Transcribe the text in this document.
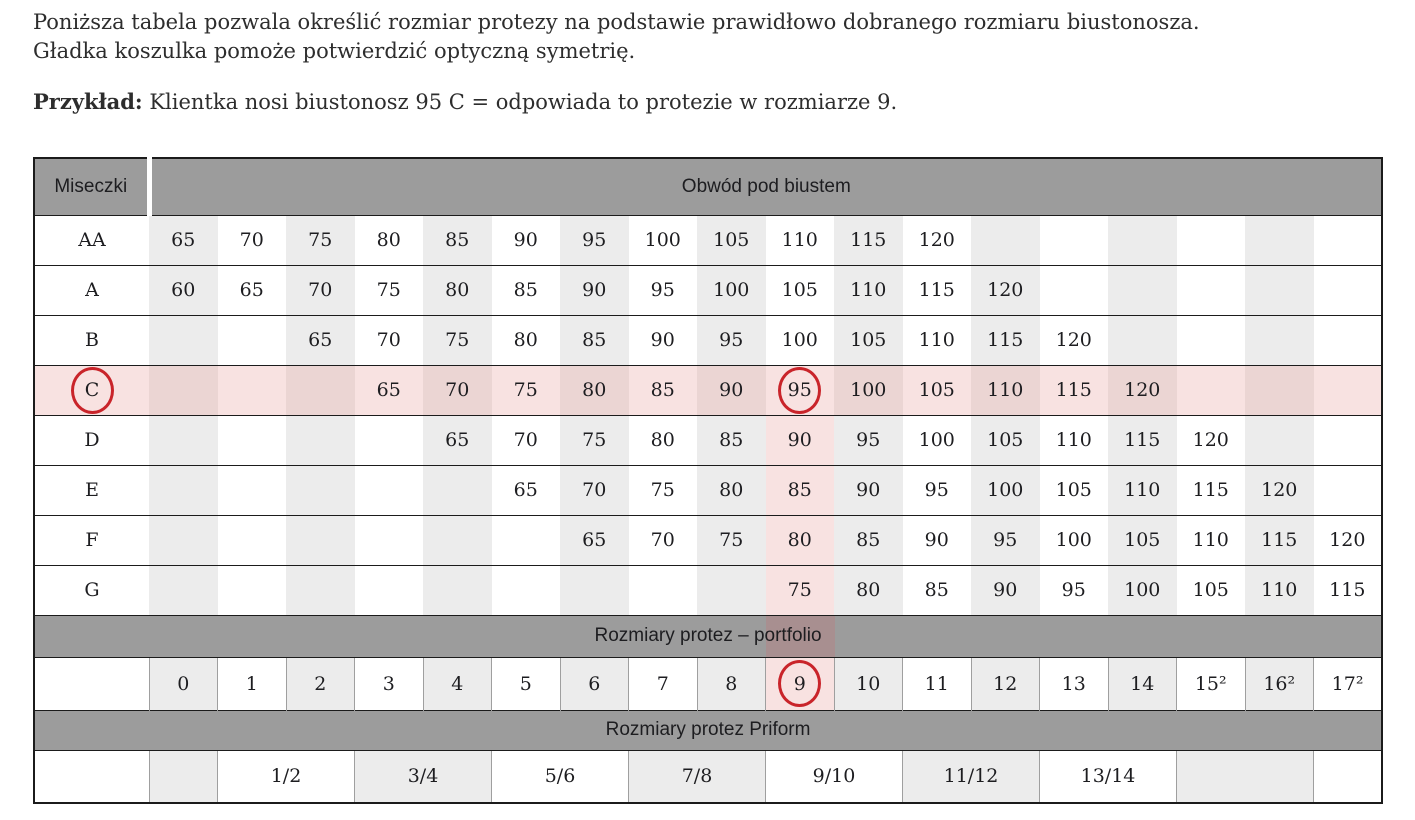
Poniższa tabela pozwala określić rozmiar protezy na podstawie prawidłowo dobranego rozmiaru biustonosza.
Gładka koszulka pomoże potwierdzić optyczną symetrię.

Przykład: Klientka nosi biustonosz 95 C = odpowiada to protezie w rozmiarze 9.

Miseczki	Obwód pod biustem																	
AA	65	70	75	80	85	90	95	100	105	110	115	120						
A	60	65	70	75	80	85	90	95	100	105	110	115	120					
B			65	70	75	80	85	90	95	100	105	110	115	120				
C				65	70	75	80	85	90	95	100	105	110	115	120			
D					65	70	75	80	85	90	95	100	105	110	115	120		
E						65	70	75	80	85	90	95	100	105	110	115	120	
F							65	70	75	80	85	90	95	100	105	110	115	120
G										75	80	85	90	95	100	105	110	115
Rozmiary protez – portfolio																		
	0	1	2	3	4	5	6	7	8	9	10	11	12	13	14	15²	16²	17²
Rozmiary protez Priform																		
		1/2		3/4		5/6		7/8		9/10		11/12		13/14				
